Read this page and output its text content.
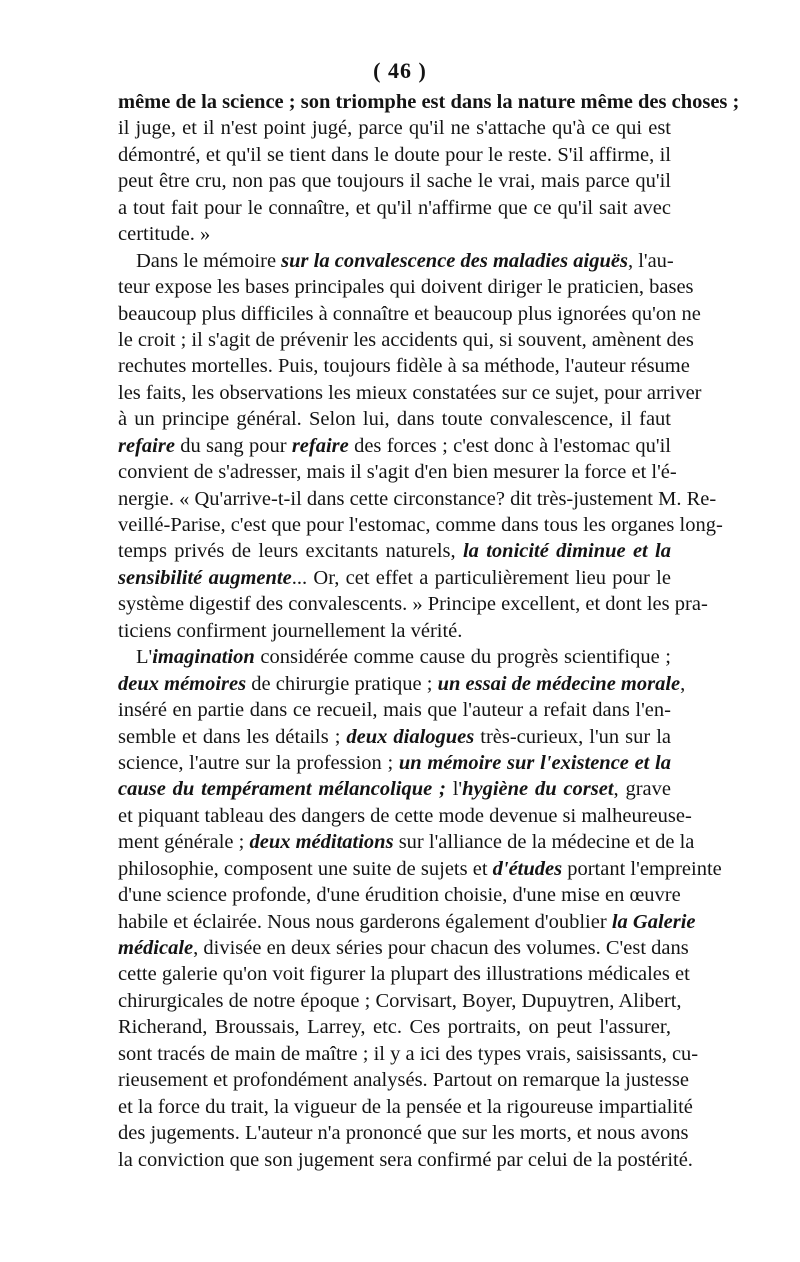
( 46 )
même de la science ; son triomphe est dans la nature même des choses ;
il juge, et il n'est point jugé, parce qu'il ne s'attache qu'à ce qui est
démontré, et qu'il se tient dans le doute pour le reste. S'il affirme, il
peut être cru, non pas que toujours il sache le vrai, mais parce qu'il
a tout fait pour le connaître, et qu'il n'affirme que ce qu'il sait avec
certitude. »
Dans le mémoire sur la convalescence des maladies aiguës, l'au-
teur expose les bases principales qui doivent diriger le praticien, bases
beaucoup plus difficiles à connaître et beaucoup plus ignorées qu'on ne
le croit ; il s'agit de prévenir les accidents qui, si souvent, amènent des
rechutes mortelles. Puis, toujours fidèle à sa méthode, l'auteur résume
les faits, les observations les mieux constatées sur ce sujet, pour arriver
à un principe général. Selon lui, dans toute convalescence, il faut
refaire du sang pour refaire des forces ; c'est donc à l'estomac qu'il
convient de s'adresser, mais il s'agit d'en bien mesurer la force et l'é-
nergie. « Qu'arrive-t-il dans cette circonstance? dit très-justement M. Re-
veillé-Parise, c'est que pour l'estomac, comme dans tous les organes long-
temps privés de leurs excitants naturels, la tonicité diminue et la
sensibilité augmente... Or, cet effet a particulièrement lieu pour le
système digestif des convalescents. » Principe excellent, et dont les pra-
ticiens confirment journellement la vérité.
L'imagination considérée comme cause du progrès scientifique ;
deux mémoires de chirurgie pratique ; un essai de médecine morale,
inséré en partie dans ce recueil, mais que l'auteur a refait dans l'en-
semble et dans les détails ; deux dialogues très-curieux, l'un sur la
science, l'autre sur la profession ; un mémoire sur l'existence et la
cause du tempérament mélancolique ; l'hygiène du corset, grave
et piquant tableau des dangers de cette mode devenue si malheureuse-
ment générale ; deux méditations sur l'alliance de la médecine et de la
philosophie, composent une suite de sujets et d'études portant l'empreinte
d'une science profonde, d'une érudition choisie, d'une mise en œuvre
habile et éclairée. Nous nous garderons également d'oublier la Galerie
médicale, divisée en deux séries pour chacun des volumes. C'est dans
cette galerie qu'on voit figurer la plupart des illustrations médicales et
chirurgicales de notre époque ; Corvisart, Boyer, Dupuytren, Alibert,
Richerand, Broussais, Larrey, etc. Ces portraits, on peut l'assurer,
sont tracés de main de maître ; il y a ici des types vrais, saisissants, cu-
rieusement et profondément analysés. Partout on remarque la justesse
et la force du trait, la vigueur de la pensée et la rigoureuse impartialité
des jugements. L'auteur n'a prononcé que sur les morts, et nous avons
la conviction que son jugement sera confirmé par celui de la postérité.
